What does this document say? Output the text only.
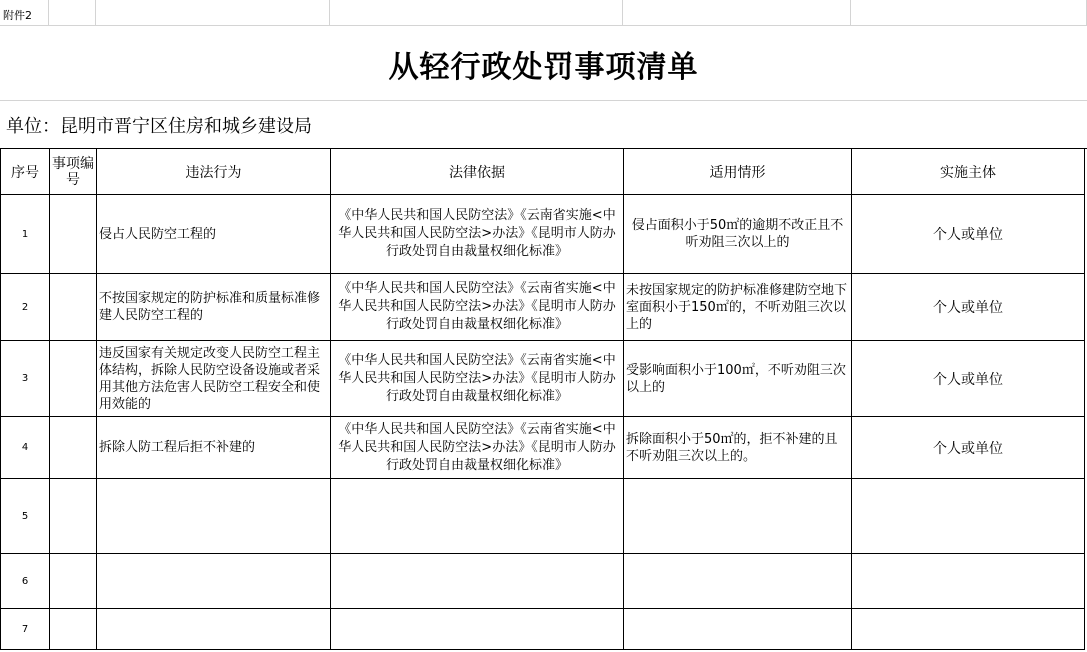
附件2
从轻行政处罚事项清单
单位：昆明市晋宁区住房和城乡建设局
序号	事项编号	违法行为	法律依据	适用情形	实施主体
1		侵占人民防空工程的	《中华人民共和国人民防空法》《云南省实施<中华人民共和国人民防空法>办法》《昆明市人防办行政处罚自由裁量权细化标准》	侵占面积小于50㎡的逾期不改正且不听劝阻三次以上的	个人或单位
2		不按国家规定的防护标准和质量标准修建人民防空工程的	《中华人民共和国人民防空法》《云南省实施<中华人民共和国人民防空法>办法》《昆明市人防办行政处罚自由裁量权细化标准》	未按国家规定的防护标准修建防空地下室面积小于150㎡的，不听劝阻三次以上的	个人或单位
3		违反国家有关规定改变人民防空工程主体结构，拆除人民防空设备设施或者采用其他方法危害人民防空工程安全和使用效能的	《中华人民共和国人民防空法》《云南省实施<中华人民共和国人民防空法>办法》《昆明市人防办行政处罚自由裁量权细化标准》	受影响面积小于100㎡，不听劝阻三次以上的	个人或单位
4		拆除人防工程后拒不补建的	《中华人民共和国人民防空法》《云南省实施<中华人民共和国人民防空法>办法》《昆明市人防办行政处罚自由裁量权细化标准》	拆除面积小于50㎡的，拒不补建的且不听劝阻三次以上的。	个人或单位
5					
6					
7					
